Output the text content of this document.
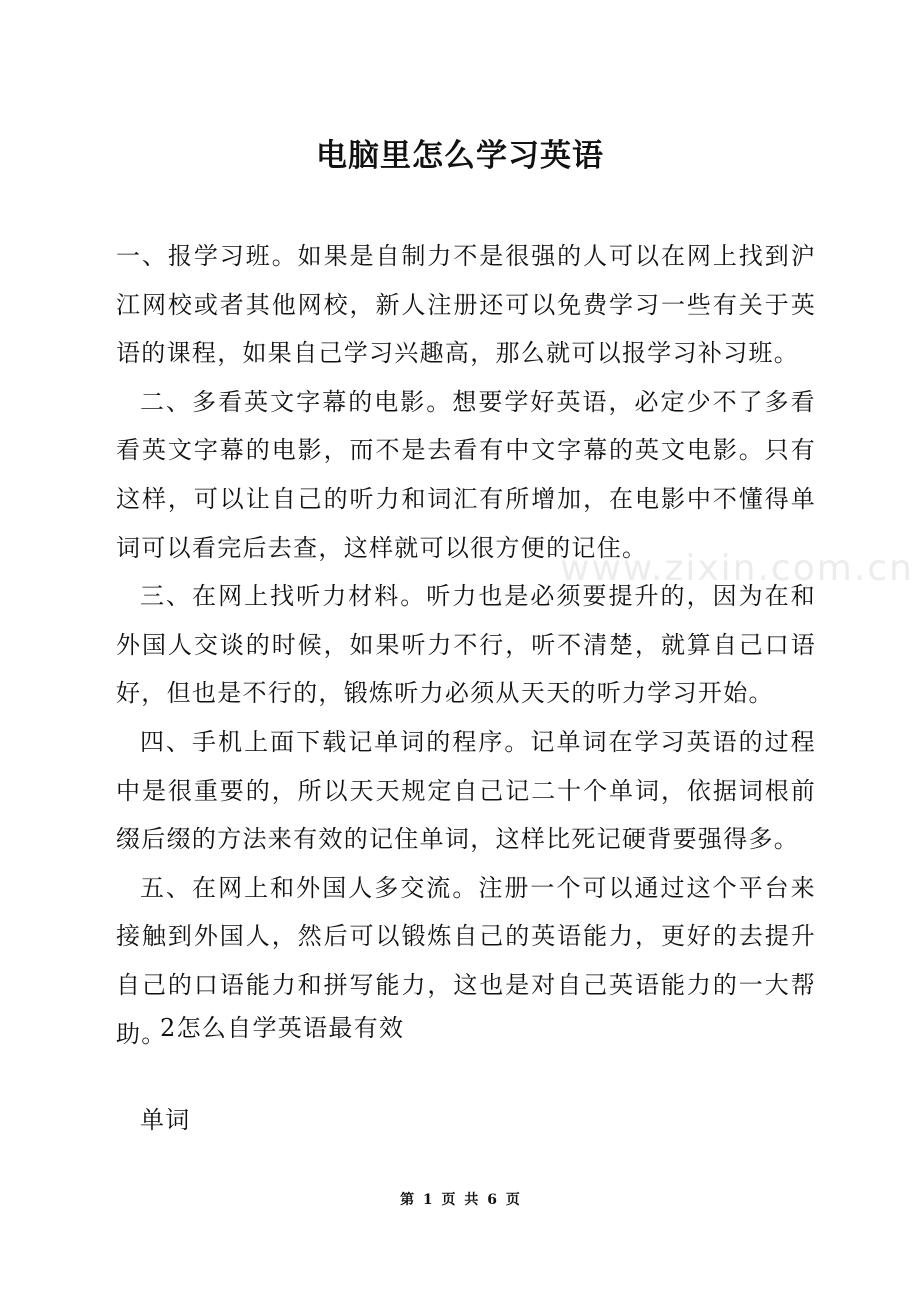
www.zixin.com.cn
电脑里怎么学习英语

一、报学习班。如果是自制力不是很强的人可以在网上找到沪江网校或者其他网校，新人注册还可以免费学习一些有关于英语的课程，如果自己学习兴趣高，那么就可以报学习补习班。

二、多看英文字幕的电影。想要学好英语，必定少不了多看看英文字幕的电影，而不是去看有中文字幕的英文电影。只有这样，可以让自己的听力和词汇有所增加，在电影中不懂得单词可以看完后去查，这样就可以很方便的记住。

三、在网上找听力材料。听力也是必须要提升的，因为在和外国人交谈的时候，如果听力不行，听不清楚，就算自己口语好，但也是不行的，锻炼听力必须从天天的听力学习开始。

四、手机上面下载记单词的程序。记单词在学习英语的过程中是很重要的，所以天天规定自己记二十个单词，依据词根前缀后缀的方法来有效的记住单词，这样比死记硬背要强得多。

五、在网上和外国人多交流。注册一个可以通过这个平台来接触到外国人，然后可以锻炼自己的英语能力，更好的去提升自己的口语能力和拼写能力，这也是对自己英语能力的一大帮助。

2怎么自学英语最有效
单词
第 1 页 共 6 页
